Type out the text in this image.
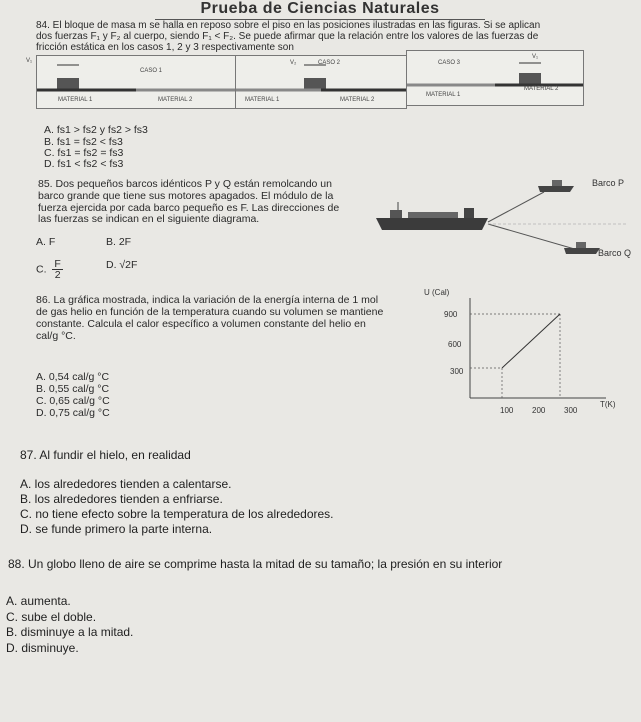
Prueba de Ciencias Naturales
84. El bloque de masa m se halla en reposo sobre el piso en las posiciones ilustradas en las figuras. Si se aplican
dos fuerzas F₁ y F₂ al cuerpo, siendo F₁ < F₂. Se puede afirmar que la relación entre los valores de las fuerzas de
fricción estática en los casos 1, 2 y 3 respectivamente son
V₁
CASO 1
MATERIAL 1	MATERIAL 2
V₂	CASO 2
MATERIAL 1	MATERIAL 2
CASO 3
V₁
MATERIAL 1
MATERIAL 2
A. fs1 > fs2 y fs2 > fs3
B. fs1 = fs2 < fs3
C. fs1 = fs2 = fs3
D. fs1 < fs2 < fs3
85. Dos pequeños barcos idénticos P y Q están remolcando un
barco grande que tiene sus motores apagados. El módulo de la
fuerza ejercida por cada barco pequeño es F. Las direcciones de
las fuerzas se indican en el siguiente diagrama.
Barco P
Barco Q
A. F	B. 2F
C. $\frac{F}{2}$	D. √2F
86. La gráfica mostrada, indica la variación de la energía interna de 1 mol
de gas helio en función de la temperatura cuando su volumen se mantiene
constante. Calcula el calor específico a volumen constante del helio en
cal/g °C.
A. 0,54 cal/g °C
B. 0,55 cal/g °C
C. 0,65 cal/g °C
D. 0,75 cal/g °C
U (Cal)
T(K)
900
600
300
100 200 300
87. Al fundir el hielo, en realidad
A. los alrededores tienden a calentarse.
B. los alrededores tienden a enfriarse.
C. no tiene efecto sobre la temperatura de los alrededores.
D. se funde primero la parte interna.
88. Un globo lleno de aire se comprime hasta la mitad de su tamaño; la presión en su interior
A. aumenta.
C. sube el doble.
B. disminuye a la mitad.
D. disminuye.
